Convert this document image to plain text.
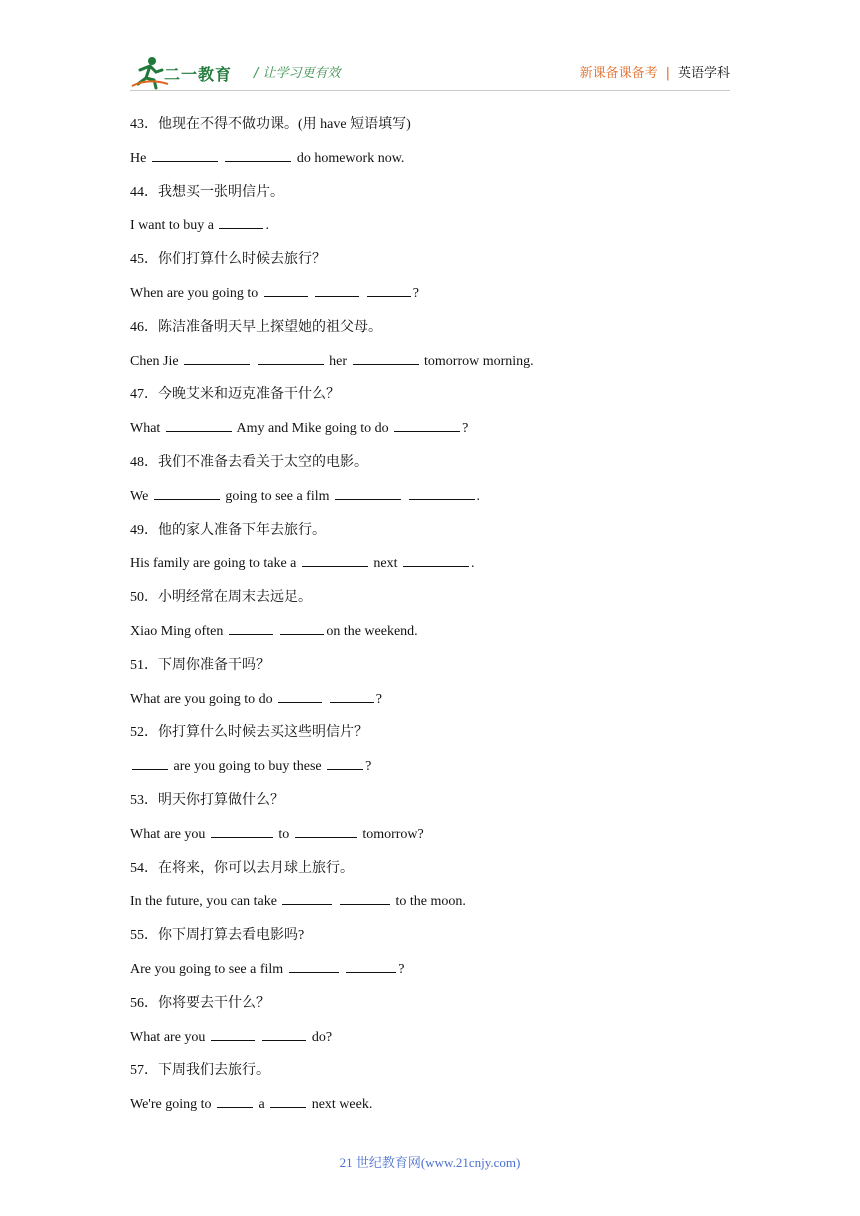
二一教育 / 让学习更有效	新课备课备考 | 英语学科
43．他现在不得不做功课。(用 have 短语填写)
He	do homework now.
44．我想买一张明信片。
I want to buy a	.
45．你们打算什么时候去旅行？
When are you going to	?
46．陈洁准备明天早上探望她的祖父母。
Chen Jie	her	tomorrow morning.
47．今晚艾米和迈克准备干什么？
What	Amy and Mike going to do	?
48．我们不准备去看关于太空的电影。
We	going to see a film	.
49．他的家人准备下年去旅行。
His family are going to take a	next	.
50．小明经常在周末去远足。
Xiao Ming often	on the weekend.
51．下周你准备干吗？
What are you going to do	?
52．你打算什么时候去买这些明信片？
are you going to buy these	?
53．明天你打算做什么？
What are you	to	tomorrow?
54．在将来，你可以去月球上旅行。
In the future, you can take	to the moon.
55．你下周打算去看电影吗?
Are you going to see a film	?
56．你将要去干什么？
What are you	do?
57．下周我们去旅行。
We're going to	a	next week.
21 世纪教育网(www.21cnjy.com)
